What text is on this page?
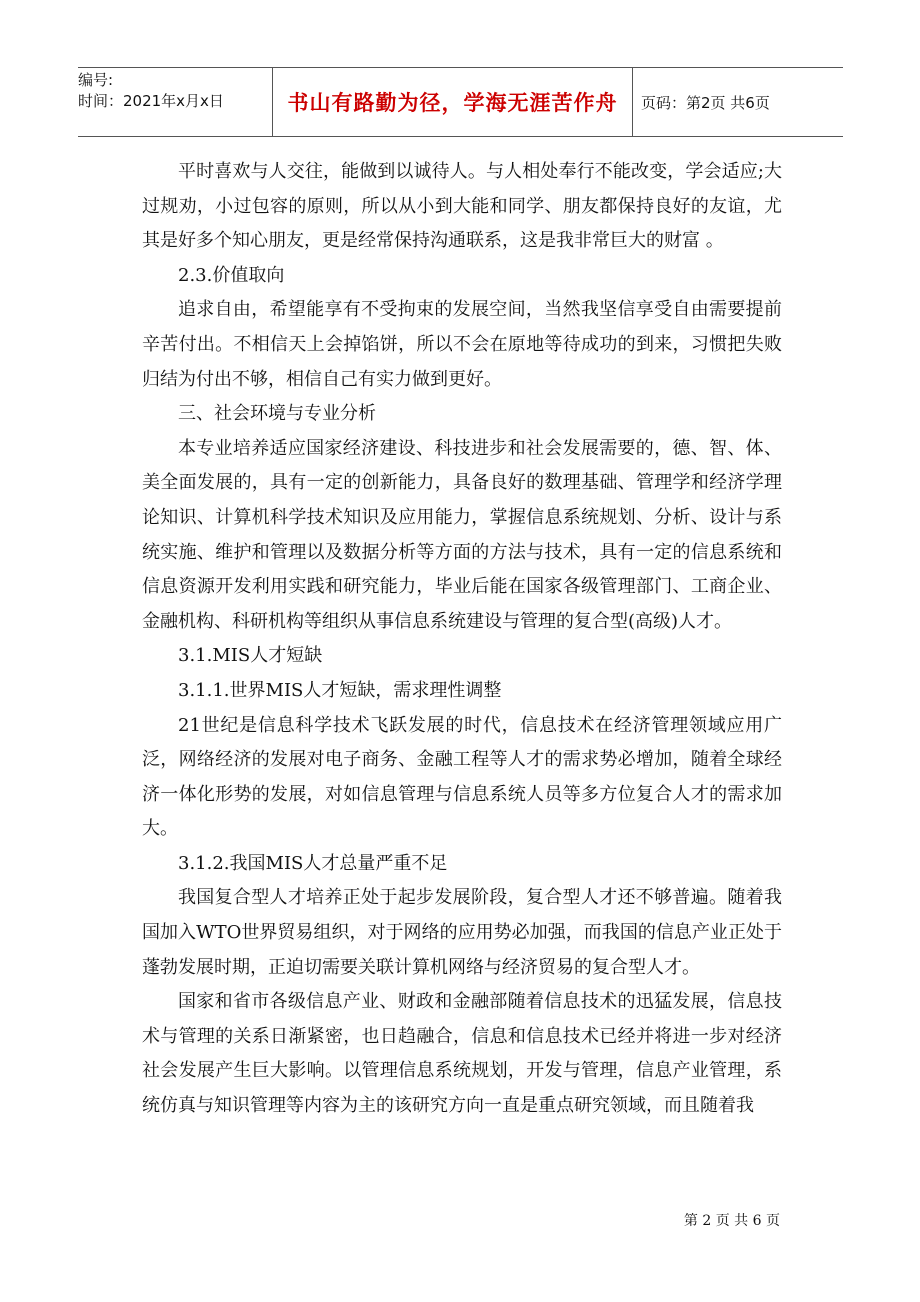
编号:
时间：2021年x月x日	书山有路勤为径，学海无涯苦作舟	页码：第2页 共6页

平时喜欢与人交往，能做到以诚待人。与人相处奉行不能改变，学会适应;大过规劝，小过包容的原则，所以从小到大能和同学、朋友都保持良好的友谊，尤其是好多个知心朋友，更是经常保持沟通联系，这是我非常巨大的财富 。

2.3.价值取向

追求自由，希望能享有不受拘束的发展空间，当然我坚信享受自由需要提前辛苦付出。不相信天上会掉馅饼，所以不会在原地等待成功的到来，习惯把失败归结为付出不够，相信自己有实力做到更好。

三、社会环境与专业分析

本专业培养适应国家经济建设、科技进步和社会发展需要的，德、智、体、美全面发展的，具有一定的创新能力，具备良好的数理基础、管理学和经济学理论知识、计算机科学技术知识及应用能力，掌握信息系统规划、分析、设计与系统实施、维护和管理以及数据分析等方面的方法与技术，具有一定的信息系统和信息资源开发利用实践和研究能力，毕业后能在国家各级管理部门、工商企业、金融机构、科研机构等组织从事信息系统建设与管理的复合型(高级)人才。

3.1.MIS人才短缺

3.1.1.世界MIS人才短缺，需求理性调整

21世纪是信息科学技术飞跃发展的时代，信息技术在经济管理领域应用广泛，网络经济的发展对电子商务、金融工程等人才的需求势必增加，随着全球经济一体化形势的发展，对如信息管理与信息系统人员等多方位复合人才的需求加大。

3.1.2.我国MIS人才总量严重不足

我国复合型人才培养正处于起步发展阶段，复合型人才还不够普遍。随着我国加入WTO世界贸易组织，对于网络的应用势必加强，而我国的信息产业正处于蓬勃发展时期，正迫切需要关联计算机网络与经济贸易的复合型人才。

国家和省市各级信息产业、财政和金融部随着信息技术的迅猛发展，信息技术与管理的关系日渐紧密，也日趋融合，信息和信息技术已经并将进一步对经济社会发展产生巨大影响。以管理信息系统规划，开发与管理，信息产业管理，系统仿真与知识管理等内容为主的该研究方向一直是重点研究领域，而且随着我

第 2 页 共 6 页
